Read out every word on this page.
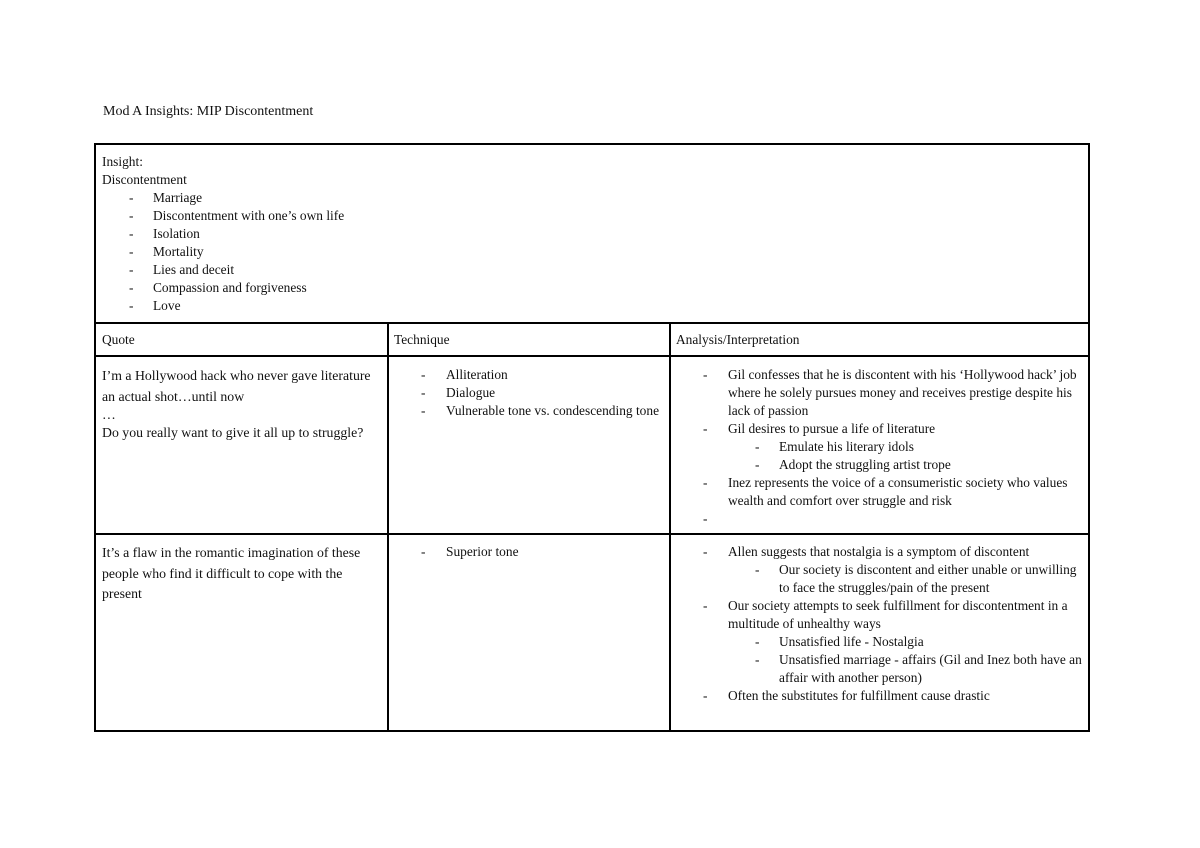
Mod A Insights: MIP Discontentment
Insight:
Discontentment
- Marriage
- Discontentment with one’s own life
- Isolation
- Mortality
- Lies and deceit
- Compassion and forgiveness
- Love
Quote	Technique	Analysis/Interpretation
I’m a Hollywood hack who never gave literature an actual shot…until now
…
Do you really want to give it all up to struggle?
- Alliteration
- Dialogue
- Vulnerable tone vs. condescending tone
- Gil confesses that he is discontent with his ‘Hollywood hack’ job where he solely pursues money and receives prestige despite his lack of passion
- Gil desires to pursue a life of literature
- Emulate his literary idols
- Adopt the struggling artist trope
- Inez represents the voice of a consumeristic society who values wealth and comfort over struggle and risk
-
It’s a flaw in the romantic imagination of these people who find it difficult to cope with the present
- Superior tone
-	Allen suggests that nostalgia is a symptom of discontent
- Our society is discontent and either unable or unwilling to face the struggles/pain of the present
- Our society attempts to seek fulfillment for discontentment in a multitude of unhealthy ways
- Unsatisfied life - Nostalgia
- Unsatisfied marriage - affairs (Gil and Inez both have an affair with another person)
- Often the substitutes for fulfillment cause drastic
